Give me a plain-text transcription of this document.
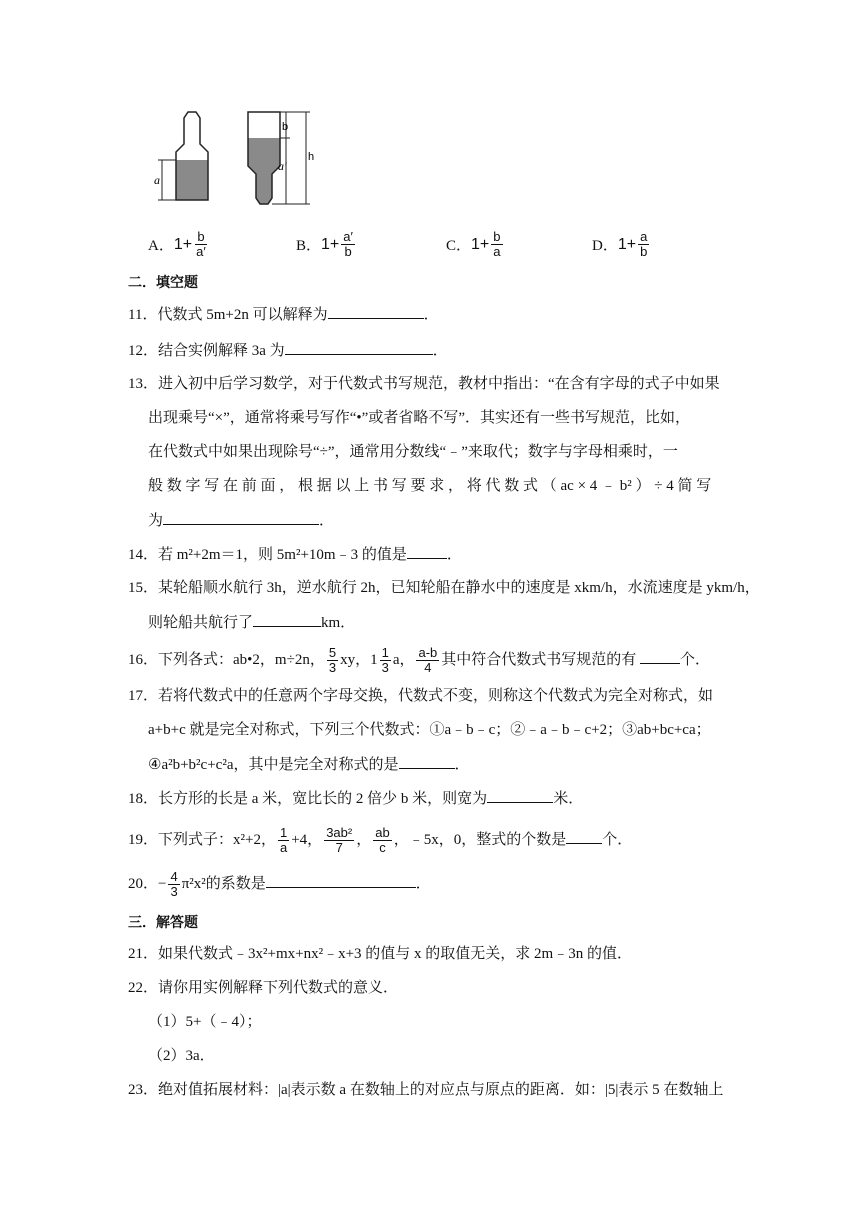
a
b
a′
h
A． $1+ \frac{b}{a'}$	B． $1+ \frac{a'}{b}$	C． $1+ \frac{b}{a}$	D． $1+ \frac{a}{b}$
二．填空题
11．代数式 5m+2n 可以解释为	．
12．结合实例解释 3a 为	．
13．进入初中后学习数学，对于代数式书写规范，教材中指出：“在含有字母的式子中如果
出现乘号“×”，通常将乘号写作“•”或者省略不写”．其实还有一些书写规范，比如，
在代数式中如果出现除号“÷”，通常用分数线“﹣”来取代；数字与字母相乘时，一
般 数 字 写 在 前 面 ， 根 据 以 上 书 写 要 求 ， 将 代 数 式 （ ac × 4 ﹣ b² ） ÷ 4 简 写
为	．
14．若 m²+2m＝1，则 5m²+10m﹣3 的值是	．
15．某轮船顺水航行 3h，逆水航行 2h，已知轮船在静水中的速度是 xkm/h，水流速度是 ykm/h，
则轮船共航行了	km．
16．下列各式：ab•2，m÷2n， $\frac{5}{3}$ xy，$1 \frac{1}{3}$ a， $\frac{a-b}{4}$ 其中符合代数式书写规范的有	个．
17．若将代数式中的任意两个字母交换，代数式不变，则称这个代数式为完全对称式，如
a+b+c 就是完全对称式，下列三个代数式：①a﹣b﹣c；②﹣a﹣b﹣c+2；③ab+bc+ca；
④a²b+b²c+c²a，其中是完全对称式的是	．
18．长方形的长是 a 米，宽比长的 2 倍少 b 米，则宽为	米．
19．下列式子：x²+2， $\frac{1}{a} +4$， $\frac{\text{3ab²}}{7}$ ， $\frac{ab}{c}$ ，﹣5x，0，整式的个数是 个．
20．− $\frac{4}{3} \pi^2x^2$的系数是	．
三．解答题
21．如果代数式﹣3x²+mx+nx²﹣x+3 的值与 x 的取值无关，求 2m﹣3n 的值．
22．请你用实例解释下列代数式的意义．
（1）5+（﹣4）；
（2）3a．
23．绝对值拓展材料：|a|表示数 a 在数轴上的对应点与原点的距离．如：|5|表示 5 在数轴上
